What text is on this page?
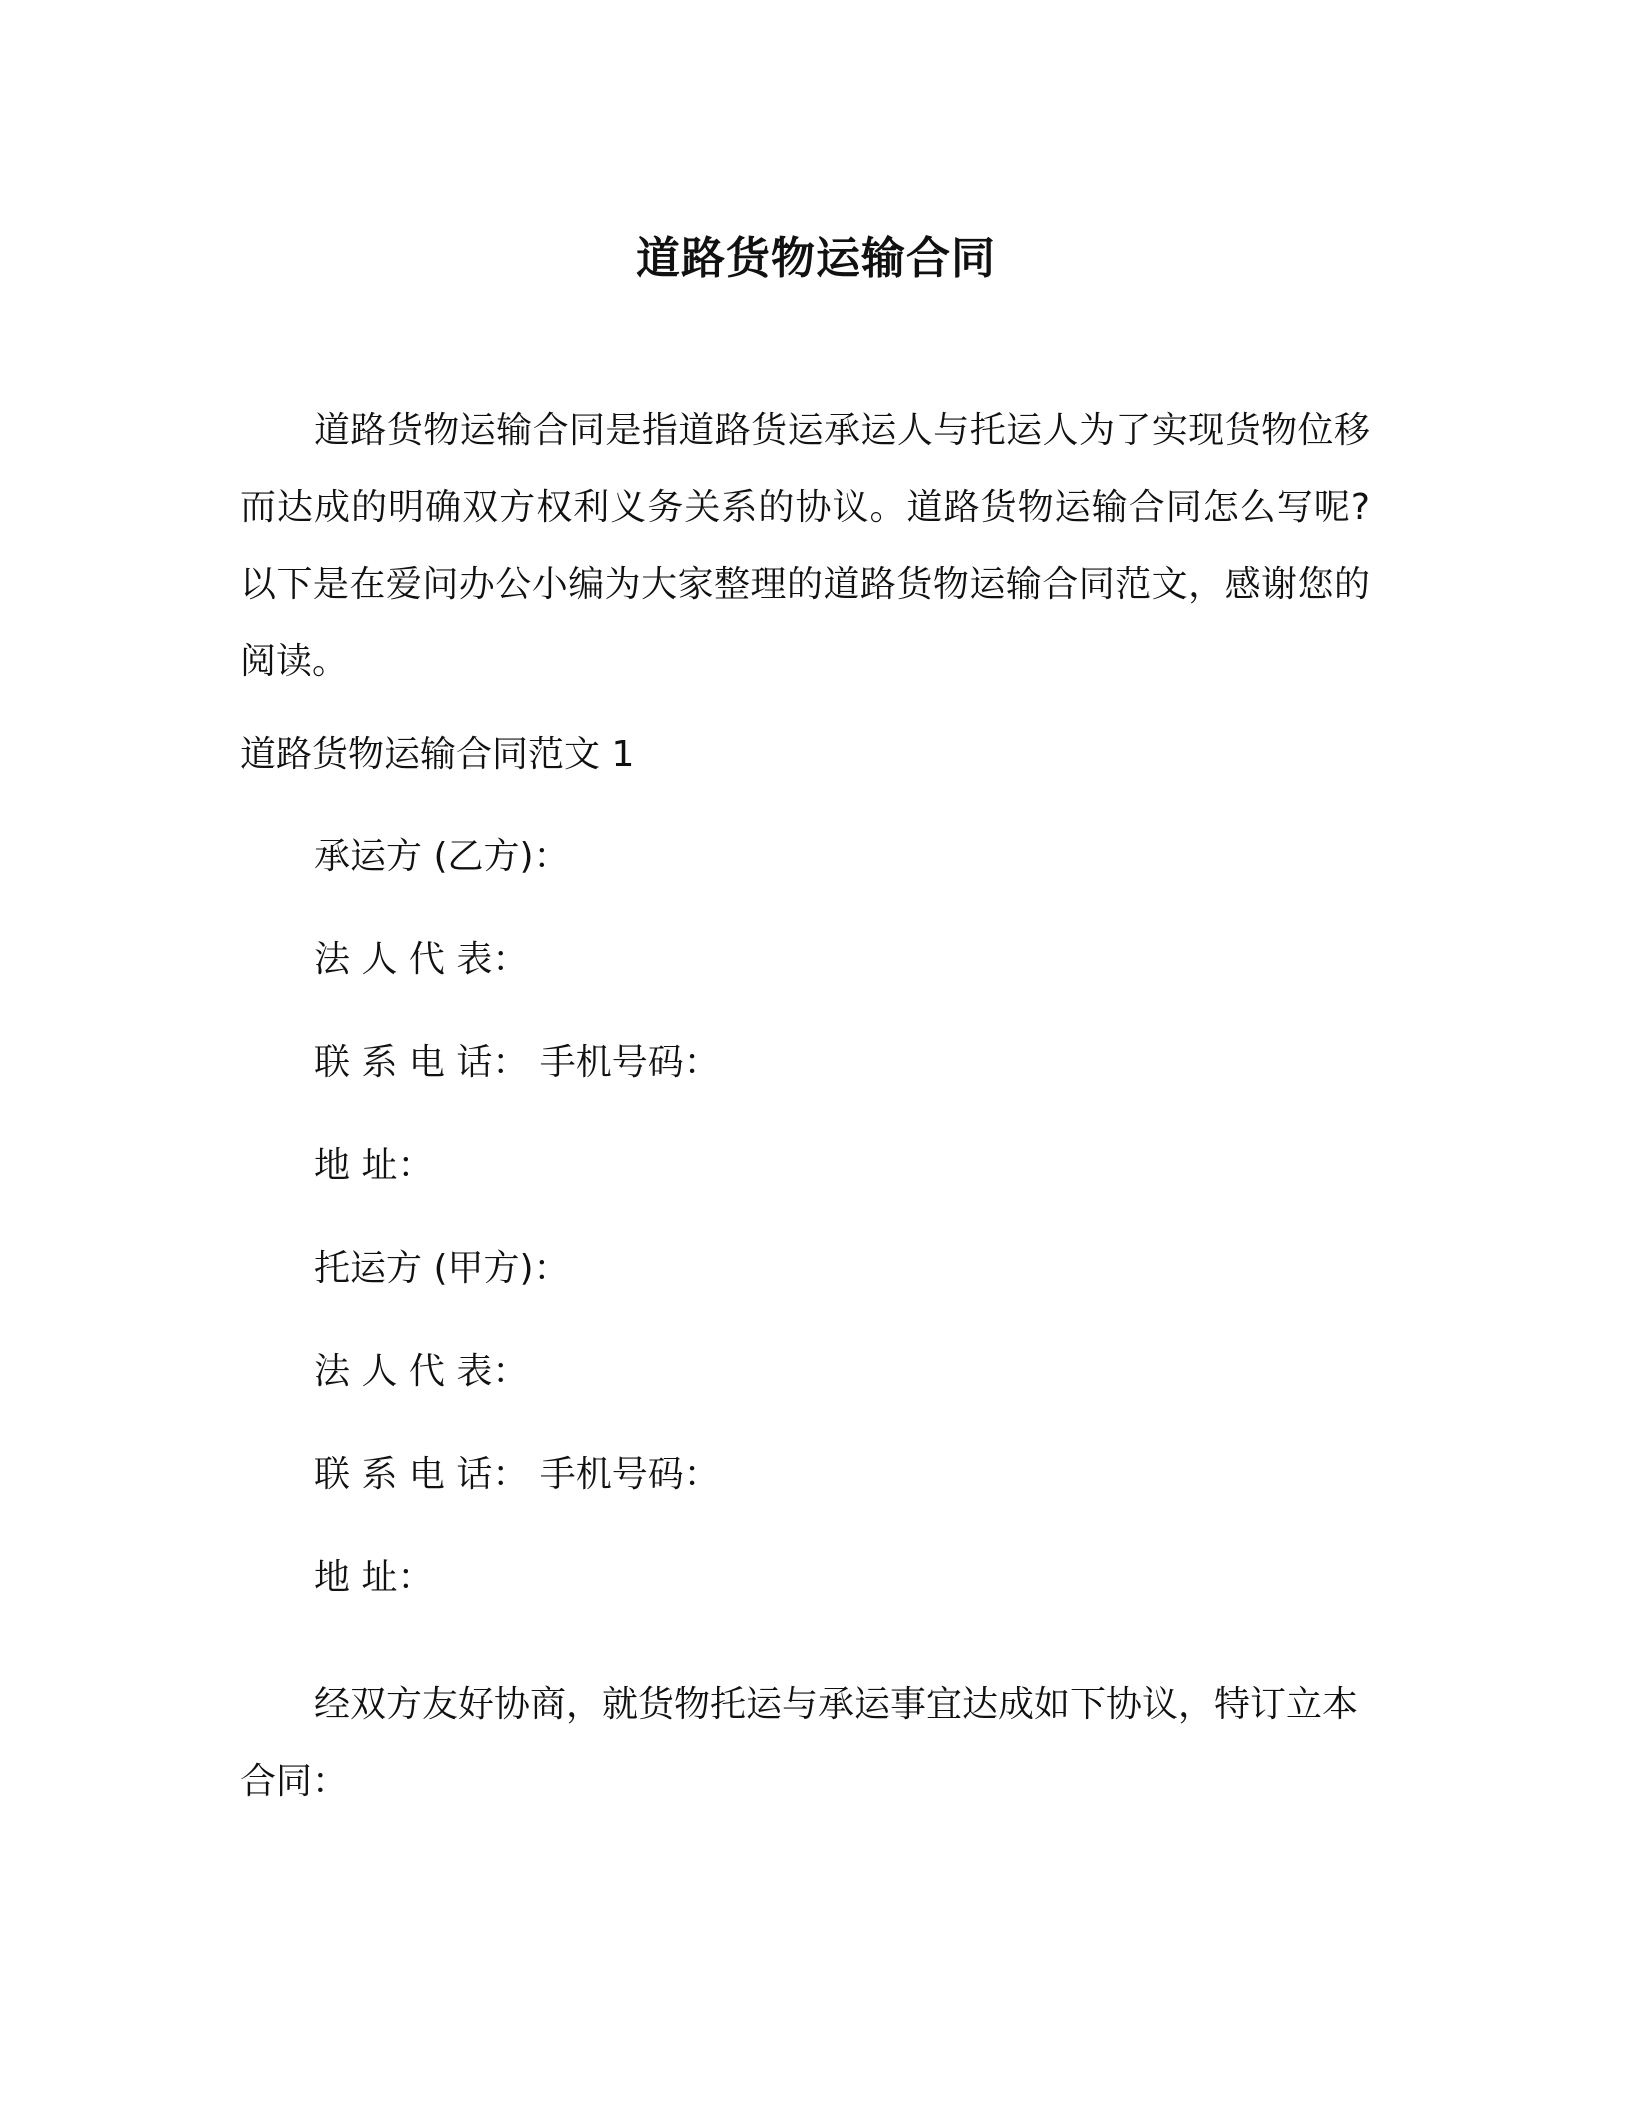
道路货物运输合同

道路货物运输合同是指道路货运承运人与托运人为了实现货物位移而达成的明确双方权利义务关系的协议。道路货物运输合同怎么写呢?以下是在爱问办公小编为大家整理的道路货物运输合同范文，感谢您的阅读。

道路货物运输合同范文 1

承运方 (乙方)：

法 人 代 表：

联 系 电 话： 手机号码：

地 址：

托运方 (甲方)：

法 人 代 表：

联 系 电 话： 手机号码：

地 址：

经双方友好协商，就货物托运与承运事宜达成如下协议，特订立本合同：
